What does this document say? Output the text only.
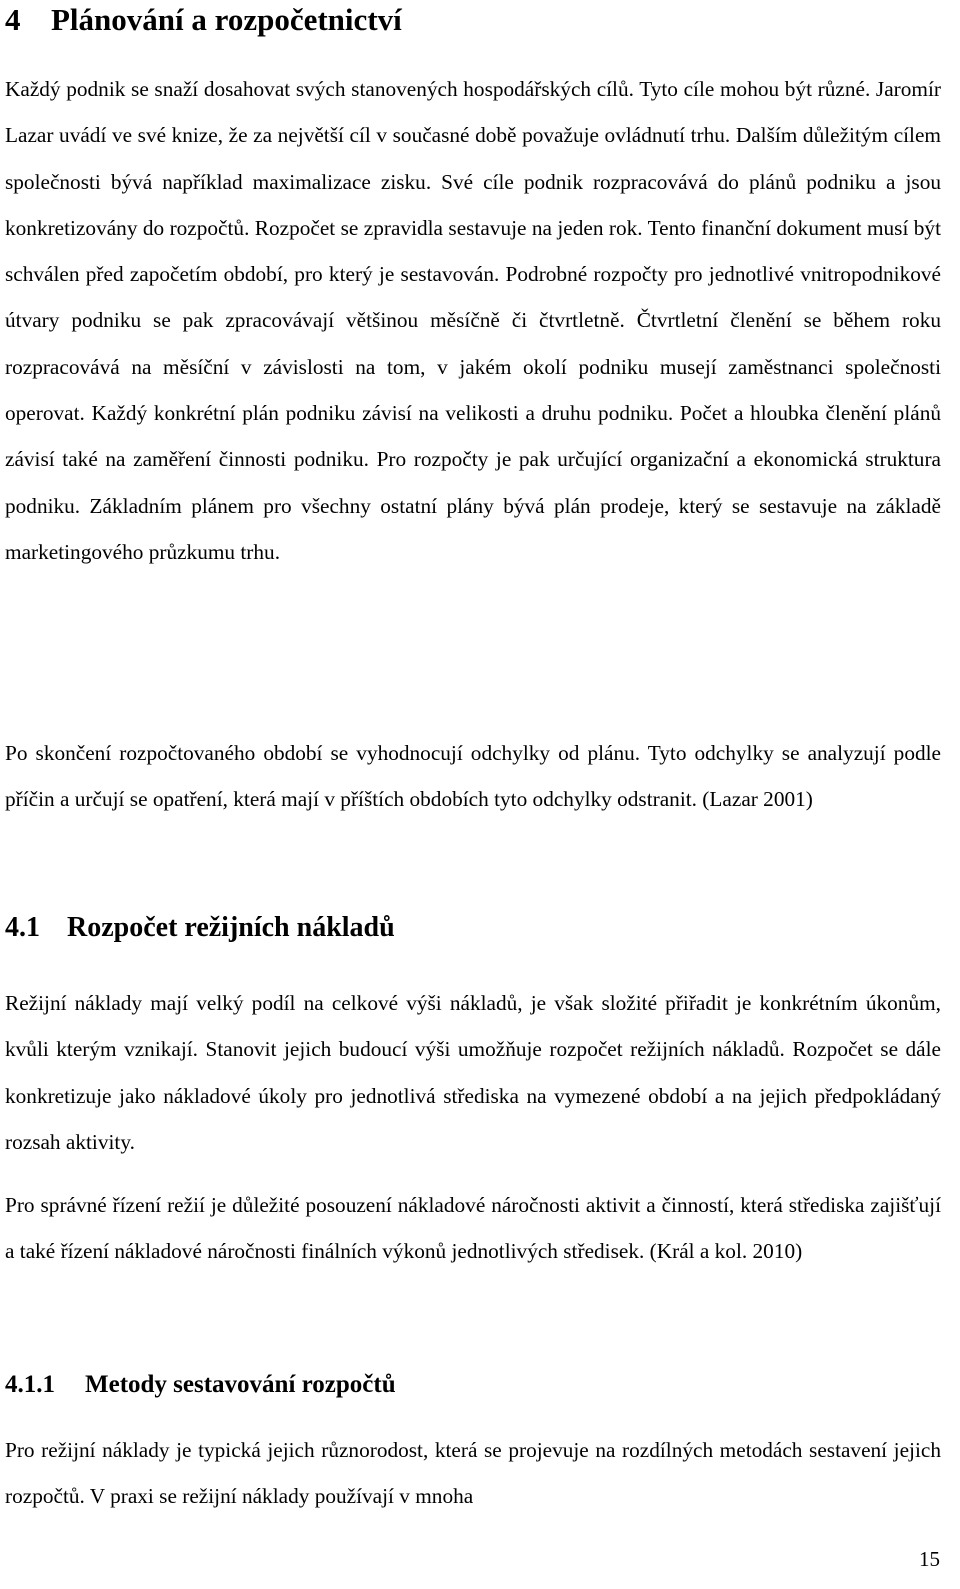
4 Plánování a rozpočetnictví

Každý podnik se snaží dosahovat svých stanovených hospodářských cílů. Tyto cíle mohou být různé. Jaromír Lazar uvádí ve své knize, že za největší cíl v současné době považuje ovládnutí trhu. Dalším důležitým cílem společnosti bývá například maximalizace zisku. Své cíle podnik rozpracovává do plánů podniku a jsou konkretizovány do rozpočtů. Rozpočet se zpravidla sestavuje na jeden rok. Tento finanční dokument musí být schválen před započetím období, pro který je sestavován. Podrobné rozpočty pro jednotlivé vnitropodnikové útvary podniku se pak zpracovávají většinou měsíčně či čtvrtletně. Čtvrtletní členění se během roku rozpracovává na měsíční v závislosti na tom, v jakém okolí podniku musejí zaměstnanci společnosti operovat. Každý konkrétní plán podniku závisí na velikosti a druhu podniku. Počet a hloubka členění plánů závisí také na zaměření činnosti podniku. Pro rozpočty je pak určující organizační a ekonomická struktura podniku. Základním plánem pro všechny ostatní plány bývá plán prodeje, který se sestavuje na základě marketingového průzkumu trhu.

Po skončení rozpočtovaného období se vyhodnocují odchylky od plánu. Tyto odchylky se analyzují podle příčin a určují se opatření, která mají v příštích obdobích tyto odchylky odstranit. (Lazar 2001)

4.1 Rozpočet režijních nákladů

Režijní náklady mají velký podíl na celkové výši nákladů, je však složité přiřadit je konkrétním úkonům, kvůli kterým vznikají. Stanovit jejich budoucí výši umožňuje rozpočet režijních nákladů. Rozpočet se dále konkretizuje jako nákladové úkoly pro jednotlivá střediska na vymezené období a na jejich předpokládaný rozsah aktivity.

Pro správné řízení režií je důležité posouzení nákladové náročnosti aktivit a činností, která střediska zajišťují a také řízení nákladové náročnosti finálních výkonů jednotlivých středisek. (Král a kol. 2010)

4.1.1 Metody sestavování rozpočtů

Pro režijní náklady je typická jejich různorodost, která se projevuje na rozdílných metodách sestavení jejich rozpočtů. V praxi se režijní náklady používají v mnoha

15
